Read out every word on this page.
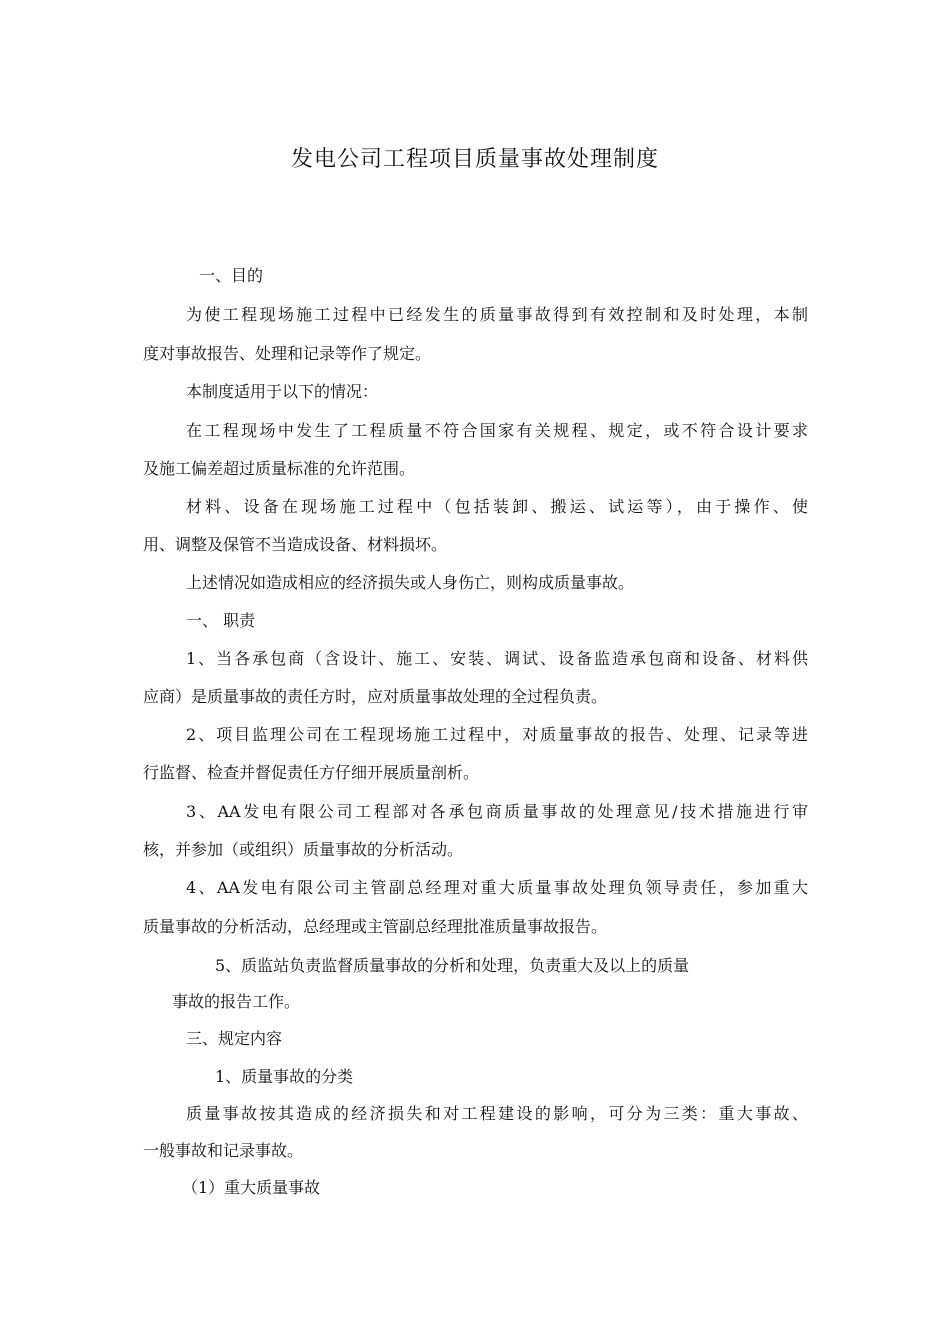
发电公司工程项目质量事故处理制度
一、目的
为使工程现场施工过程中已经发生的质量事故得到有效控制和及时处理，本制
度对事故报告、处理和记录等作了规定。
本制度适用于以下的情况：
在工程现场中发生了工程质量不符合国家有关规程、规定，或不符合设计要求
及施工偏差超过质量标准的允许范围。
材料、设备在现场施工过程中（包括装卸、搬运、试运等），由于操作、使
用、调整及保管不当造成设备、材料损坏。
上述情况如造成相应的经济损失或人身伤亡，则构成质量事故。
一、 职责
1、当各承包商（含设计、施工、安装、调试、设备监造承包商和设备、材料供
应商）是质量事故的责任方时，应对质量事故处理的全过程负责。
2、项目监理公司在工程现场施工过程中，对质量事故的报告、处理、记录等进
行监督、检查并督促责任方仔细开展质量剖析。
3、AA发电有限公司工程部对各承包商质量事故的处理意见/技术措施进行审
核，并参加（或组织）质量事故的分析活动。
4、AA发电有限公司主管副总经理对重大质量事故处理负领导责任，参加重大
质量事故的分析活动，总经理或主管副总经理批准质量事故报告。
5、质监站负责监督质量事故的分析和处理，负责重大及以上的质量
事故的报告工作。
三、规定内容
1、质量事故的分类
质量事故按其造成的经济损失和对工程建设的影响，可分为三类：重大事故、
一般事故和记录事故。
（1）重大质量事故
